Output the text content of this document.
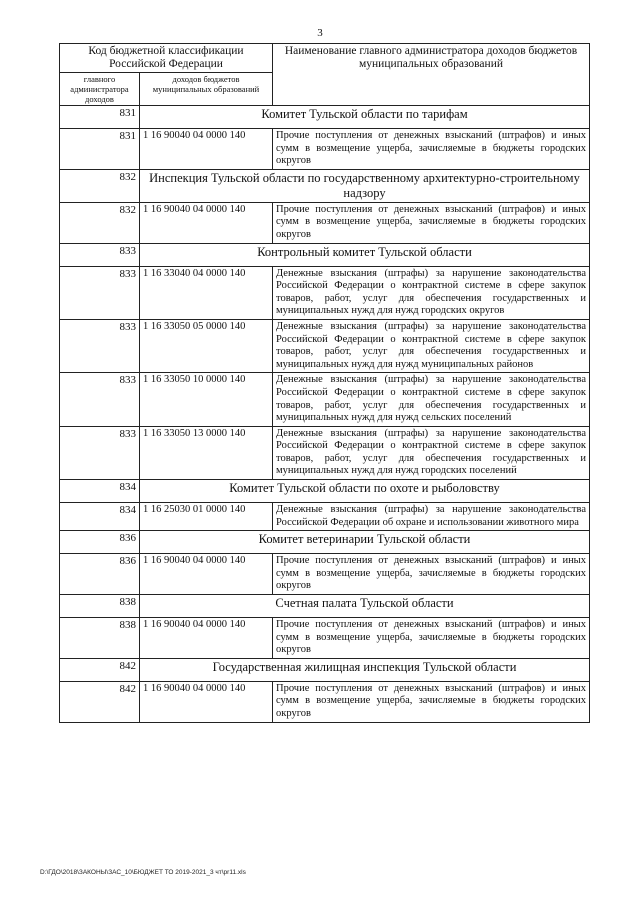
3
Код бюджетной классификации Российской Федерации		Наименование главного администратора доходов бюджетов муниципальных образований
главного администратора доходов	доходов бюджетов муниципальных образований	
831	Комитет Тульской области по тарифам	
831	1 16 90040 04 0000 140	Прочие поступления от денежных взысканий (штрафов) и иных сумм в возмещение ущерба, зачисляемые в бюджеты городских округов
832	Инспекция Тульской области по государственному архитектурно-строительному надзору	
832	1 16 90040 04 0000 140	Прочие поступления от денежных взысканий (штрафов) и иных сумм в возмещение ущерба, зачисляемые в бюджеты городских округов
833	Контрольный комитет Тульской области	
833	1 16 33040 04 0000 140	Денежные взыскания (штрафы) за нарушение законодательства Российской Федерации о контрактной системе в сфере закупок товаров, работ, услуг для обеспечения государственных и муниципальных нужд для нужд городских округов
833	1 16 33050 05 0000 140	Денежные взыскания (штрафы) за нарушение законодательства Российской Федерации о контрактной системе в сфере закупок товаров, работ, услуг для обеспечения государственных и муниципальных нужд для нужд муниципальных районов
833	1 16 33050 10 0000 140	Денежные взыскания (штрафы) за нарушение законодательства Российской Федерации о контрактной системе в сфере закупок товаров, работ, услуг для обеспечения государственных и муниципальных нужд для нужд сельских поселений
833	1 16 33050 13 0000 140	Денежные взыскания (штрафы) за нарушение законодательства Российской Федерации о контрактной системе в сфере закупок товаров, работ, услуг для обеспечения государственных и муниципальных нужд для нужд городских поселений
834	Комитет Тульской области по охоте и рыболовству	
834	1 16 25030 01 0000 140	Денежные взыскания (штрафы) за нарушение законодательства Российской Федерации об охране и использовании животного мира
836	Комитет ветеринарии Тульской области	
836	1 16 90040 04 0000 140	Прочие поступления от денежных взысканий (штрафов) и иных сумм в возмещение ущерба, зачисляемые в бюджеты городских округов
838	Счетная палата Тульской области	
838	1 16 90040 04 0000 140	Прочие поступления от денежных взысканий (штрафов) и иных сумм в возмещение ущерба, зачисляемые в бюджеты городских округов
842	Государственная жилищная инспекция Тульской области	
842	1 16 90040 04 0000 140	Прочие поступления от денежных взысканий (штрафов) и иных сумм в возмещение ущерба, зачисляемые в бюджеты городских округов
D:\ГДО\2018\ЗАКОНЫ\ЗАС_10\БЮДЖЕТ ТО 2019-2021_3 чт\pr11.xls
